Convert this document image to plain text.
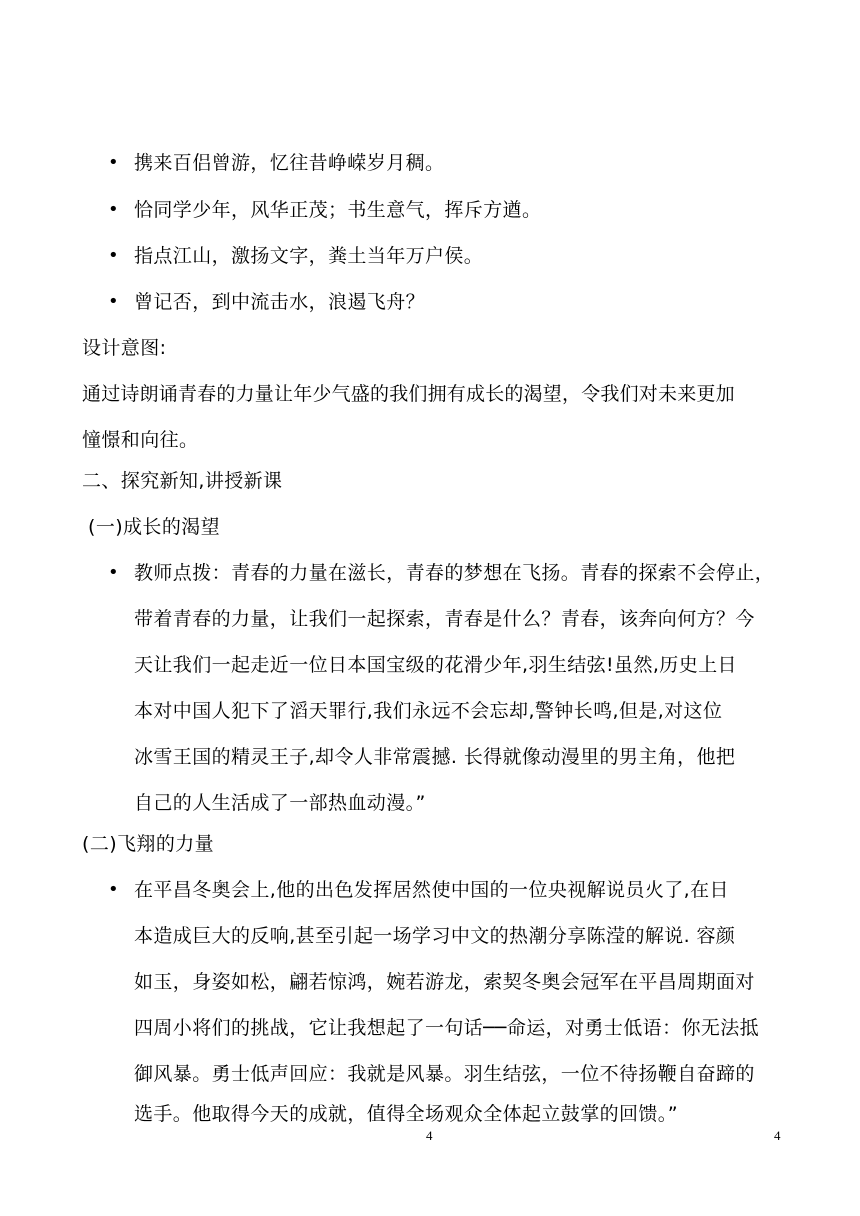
• 携来百侣曾游，忆往昔峥嵘岁月稠。
• 恰同学少年，风华正茂；书生意气，挥斥方遒。
• 指点江山，激扬文字，粪土当年万户侯。
• 曾记否，到中流击水，浪遏飞舟？
设计意图:
通过诗朗诵青春的力量让年少气盛的我们拥有成长的渴望，令我们对未来更加
憧憬和向往。
二、探究新知,讲授新课
(一)成长的渴望
• 教师点拨：青春的力量在滋长，青春的梦想在飞扬。青春的探索不会停止，
带着青春的力量，让我们一起探索，青春是什么？青春，该奔向何方？今
天让我们一起走近一位日本国宝级的花滑少年,羽生结弦!虽然,历史上日
本对中国人犯下了滔天罪行,我们永远不会忘却,警钟长鸣,但是,对这位
冰雪王国的精灵王子,却令人非常震撼. 长得就像动漫里的男主角，他把
自己的人生活成了一部热血动漫。”
(二)飞翔的力量
• 在平昌冬奥会上,他的出色发挥居然使中国的一位央视解说员火了,在日
本造成巨大的反响,甚至引起一场学习中文的热潮分享陈滢的解说. 容颜
如玉，身姿如松，翩若惊鸿，婉若游龙，索契冬奥会冠军在平昌周期面对
四周小将们的挑战，它让我想起了一句话──命运，对勇士低语：你无法抵
御风暴。勇士低声回应：我就是风暴。羽生结弦，一位不待扬鞭自奋蹄的
选手。他取得今天的成就，值得全场观众全体起立鼓掌的回馈。”
4	4
